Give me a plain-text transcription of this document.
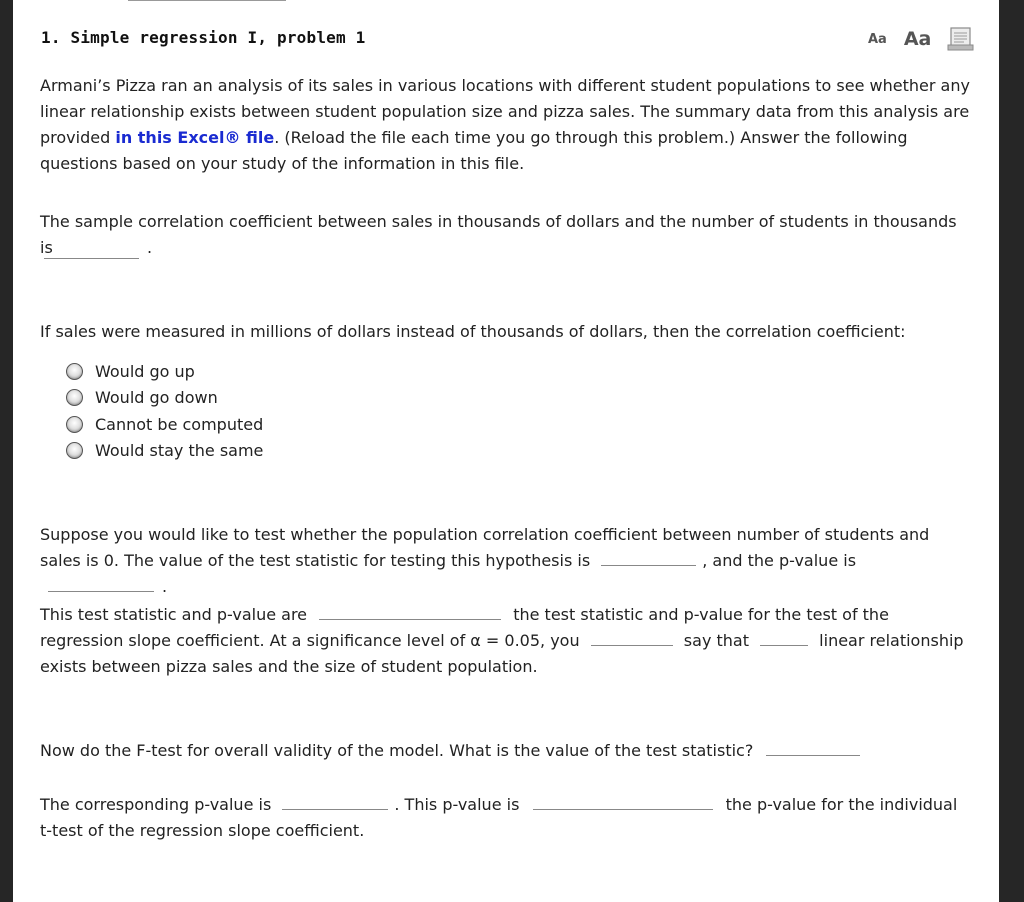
1. Simple regression I, problem 1	Aa Aa
Armani’s Pizza ran an analysis of its sales in various locations with different student populations to see whether any linear relationship exists between student population size and pizza sales. The summary data from this analysis are provided in this Excel® file. (Reload the file each time you go through this problem.) Answer the following questions based on your study of the information in this file.
The sample correlation coefficient between sales in thousands of dollars and the number of students in thousands is	.
If sales were measured in millions of dollars instead of thousands of dollars, then the correlation coefficient:
Would go up
Would go down
Cannot be computed
Would stay the same
Suppose you would like to test whether the population correlation coefficient between number of students and sales is 0. The value of the test statistic for testing this hypothesis is	, and the p-value is .
This test statistic and p-value are	the test statistic and p-value for the test of the regression slope coefficient. At a significance level of α = 0.05, you	say that	linear relationship exists between pizza sales and the size of student population.
Now do the F-test for overall validity of the model. What is the value of the test statistic?
The corresponding p-value is	. This p-value is	the p-value for the individual t-test of the regression slope coefficient.
